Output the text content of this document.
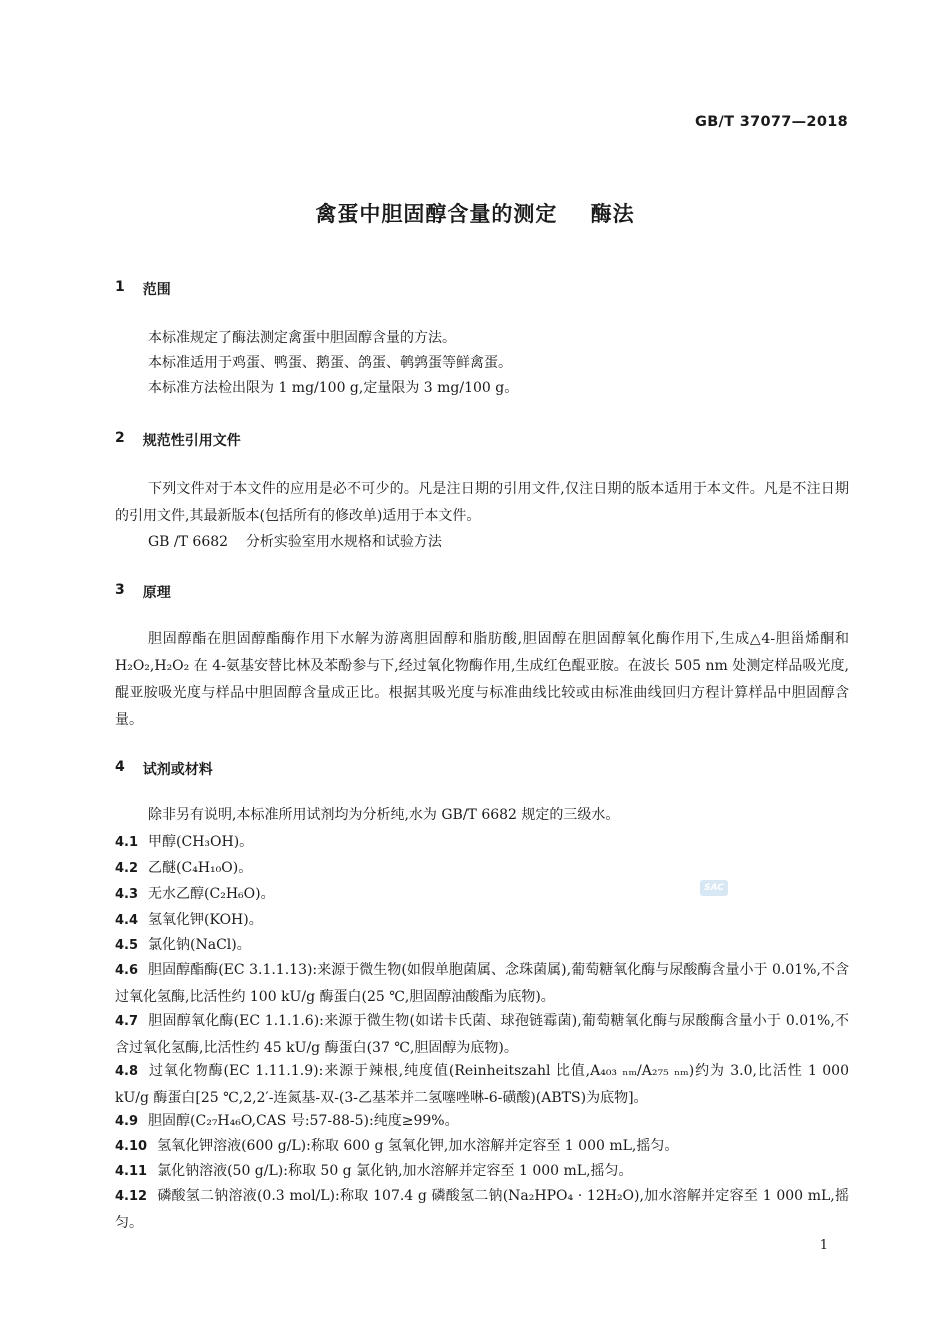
GB/T 37077—2018
禽蛋中胆固醇含量的测定    酶法
1 范围
本标准规定了酶法测定禽蛋中胆固醇含量的方法。
本标准适用于鸡蛋、鸭蛋、鹅蛋、鸽蛋、鹌鹑蛋等鲜禽蛋。
本标准方法检出限为 1 mg/100 g,定量限为 3 mg/100 g。
2 规范性引用文件

下列文件对于本文件的应用是必不可少的。凡是注日期的引用文件,仅注日期的版本适用于本文件。凡是不注日期的引用文件,其最新版本(包括所有的修改单)适用于本文件。

GB /T 6682    分析实验室用水规格和试验方法
3 原理

胆固醇酯在胆固醇酯酶作用下水解为游离胆固醇和脂肪酸,胆固醇在胆固醇氧化酶作用下,生成△4-胆甾烯酮和 H₂O₂,H₂O₂ 在 4-氨基安替比林及苯酚参与下,经过氧化物酶作用,生成红色醌亚胺。在波长 505 nm 处测定样品吸光度,醌亚胺吸光度与样品中胆固醇含量成正比。根据其吸光度与标准曲线比较或由标准曲线回归方程计算样品中胆固醇含量。

4 试剂或材料
除非另有说明,本标准所用试剂均为分析纯,水为 GB/T 6682 规定的三级水。

4.1 甲醇(CH₃OH)。

4.2 乙醚(C₄H₁₀O)。

4.3 无水乙醇(C₂H₆O)。

4.4 氢氧化钾(KOH)。

4.5 氯化钠(NaCl)。

4.6 胆固醇酯酶(EC 3.1.1.13):来源于微生物(如假单胞菌属、念珠菌属),葡萄糖氧化酶与尿酸酶含量小于 0.01%,不含过氧化氢酶,比活性约 100 kU/g 酶蛋白(25 ℃,胆固醇油酸酯为底物)。

4.7 胆固醇氧化酶(EC 1.1.1.6):来源于微生物(如诺卡氏菌、球孢链霉菌),葡萄糖氧化酶与尿酸酶含量小于 0.01%,不含过氧化氢酶,比活性约 45 kU/g 酶蛋白(37 ℃,胆固醇为底物)。

4.8 过氧化物酶(EC 1.11.1.9):来源于辣根,纯度值(Reinheitszahl 比值,A₄₀₃ ₙₘ/A₂₇₅ ₙₘ)约为 3.0,比活性 1 000 kU/g 酶蛋白[25 ℃,2,2′-连氮基-双-(3-乙基苯并二氢噻唑啉-6-磺酸)(ABTS)为底物]。

4.9 胆固醇(C₂₇H₄₆O,CAS 号:57-88-5):纯度≥99%。

4.10 氢氧化钾溶液(600 g/L):称取 600 g 氢氧化钾,加水溶解并定容至 1 000 mL,摇匀。

4.11 氯化钠溶液(50 g/L):称取 50 g 氯化钠,加水溶解并定容至 1 000 mL,摇匀。

4.12 磷酸氢二钠溶液(0.3 mol/L):称取 107.4 g 磷酸氢二钠(Na₂HPO₄ · 12H₂O),加水溶解并定容至 1 000 mL,摇匀。

SAC
1
